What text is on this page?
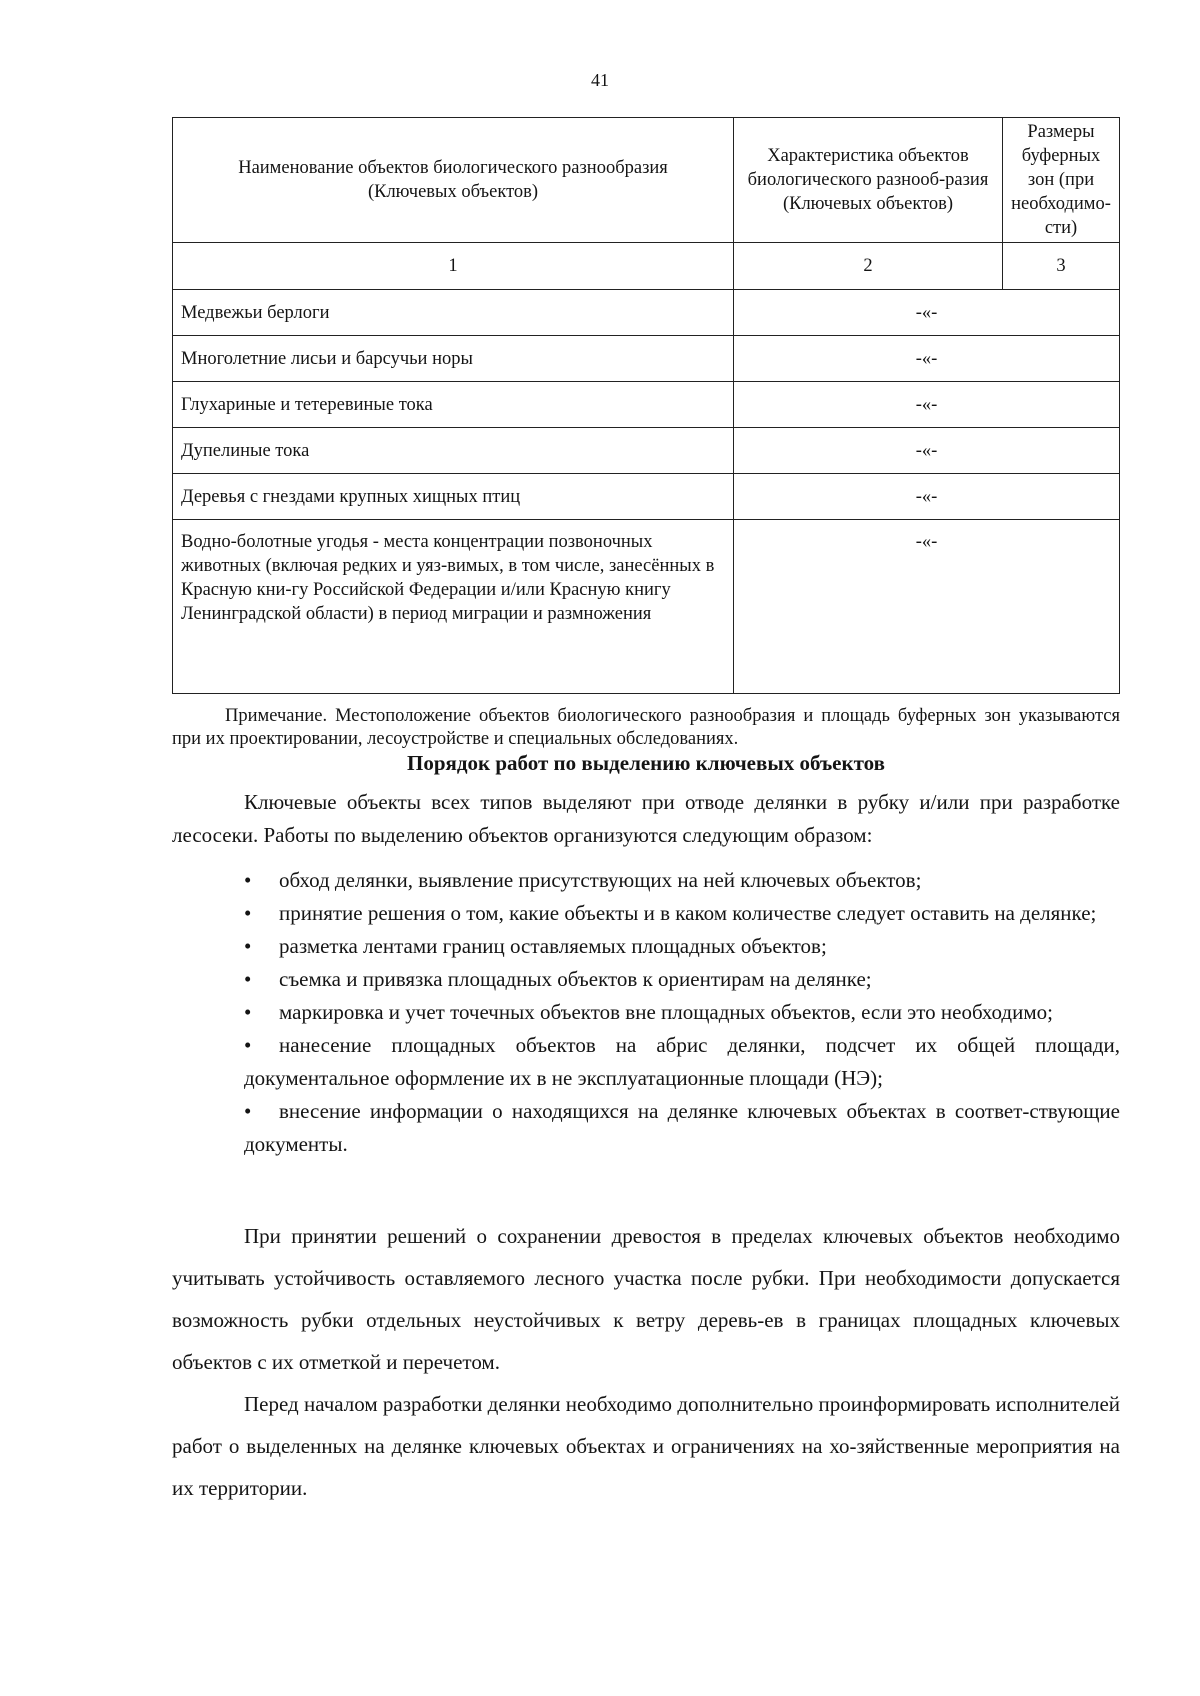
41
Наименование объектов биологического разнообразия (Ключевых объектов)	Характеристика объектов биологического разнооб-разия (Ключевых объектов)	Размеры буферных зон (при необходимо-сти)
1	2	3
Медвежьи берлоги	-«-	
Многолетние лисьи и барсучьи норы	-«-	
Глухариные и тетеревиные тока	-«-	
Дупелиные тока	-«-	
Деревья с гнездами крупных хищных птиц	-«-	
Водно-болотные угодья - места концентрации позвоночных животных (включая редких и уяз-вимых, в том числе, занесённых в Красную кни-гу Российской Федерации и/или Красную книгу Ленинградской области) в период миграции и размножения	-«-	

Примечание. Местоположение объектов биологического разнообразия и площадь буферных зон указываются при их проектировании, лесоустройстве и специальных обследованиях.

Порядок работ по выделению ключевых объектов

Ключевые объекты всех типов выделяют при отводе делянки в рубку и/или при разработке лесосеки. Работы по выделению объектов организуются следующим образом:

• обход делянки, выявление присутствующих на ней ключевых объектов;
• принятие решения о том, какие объекты и в каком количестве следует оставить на делянке;
• разметка лентами границ оставляемых площадных объектов;
• съемка и привязка площадных объектов к ориентирам на делянке;
• маркировка и учет точечных объектов вне площадных объектов, если это необходимо;
• нанесение площадных объектов на абрис делянки, подсчет их общей площади, документальное оформление их в не эксплуатационные площади (НЭ);
• внесение информации о находящихся на делянке ключевых объектах в соответ-ствующие документы.

При принятии решений о сохранении древостоя в пределах ключевых объектов необходимо учитывать устойчивость оставляемого лесного участка после рубки. При необходимости допускается возможность рубки отдельных неустойчивых к ветру деревь-ев в границах площадных ключевых объектов с их отметкой и перечетом.

Перед началом разработки делянки необходимо дополнительно проинформировать исполнителей работ о выделенных на делянке ключевых объектах и ограничениях на хо-зяйственные мероприятия на их территории.
